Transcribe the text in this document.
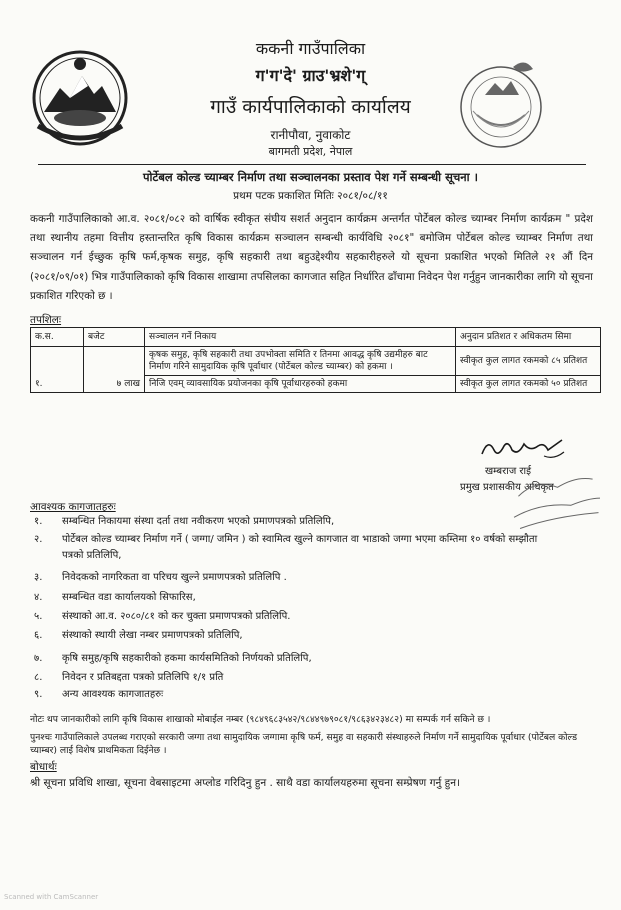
ककनी गाउँपालिका
ग'ग'दे' ग्राउ'भ्रशे'ग्
गाउँ कार्यपालिकाको कार्यालय
रानीपौवा, नुवाकोट
बागमती प्रदेश, नेपाल
पोर्टेबल कोल्ड च्याम्बर निर्माण तथा सञ्चालनका प्रस्ताव पेश गर्ने सम्बन्धी सूचना ।
प्रथम पटक प्रकाशित मितिः २०८१/०८/११
ककनी गाउँपालिकाको आ.व. २०८१/०८२ को वार्षिक स्वीकृत संघीय सशर्त अनुदान कार्यक्रम अन्तर्गत पोर्टेबल कोल्ड च्याम्बर निर्माण कार्यक्रम " प्रदेश तथा स्थानीय तहमा वित्तीय हस्तान्तरित कृषि विकास कार्यक्रम सञ्चालन सम्बन्धी कार्यविधि २०८१" बमोजिम पोर्टेबल कोल्ड च्याम्बर निर्माण तथा सञ्चालन गर्न ईच्छुक कृषि फर्म,कृषक समुह, कृषि सहकारी तथा बहुउद्देश्यीय सहकारीहरुले यो सूचना प्रकाशित भएको मितिले २१ औं दिन (२०८१/०९/०१) भित्र गाउँपालिकाको कृषि विकास शाखामा तपसिलका कागजात सहित निर्धारित ढाँचामा निवेदन पेश गर्नुहुन जानकारीका लागि यो सूचना प्रकाशित गरिएको छ ।
तपशिलः
क.स.	बजेट	सञ्चालन गर्ने निकाय	अनुदान प्रतिशत र अधिकतम सिमा
१.	७ लाख	कृषक समुह, कृषि सहकारी तथा उपभोक्ता समिति र तिनमा आवद्ध कृषि उद्यमीहरु बाट निर्माण गरिने सामुदायिक कृषि पूर्वाधार (पोर्टेबल कोल्ड च्याम्बर) को हकमा ।	स्वीकृत कुल लागत रकमको ८५ प्रतिशत
		निजि एवम् व्यावसायिक प्रयोजनका कृषि पूर्वाधारहरुको हकमा	स्वीकृत कुल लागत रकमको ५० प्रतिशत
खम्बराज राई
प्रमुख प्रशासकीय अधिकृत
आवश्यक कागजातहरुः
१. सम्बन्धित निकायमा संस्था दर्ता तथा नवीकरण भएको प्रमाणपत्रको प्रतिलिपि,
२. पोर्टेबल कोल्ड च्याम्बर निर्माण गर्ने ( जग्गा/ जमिन ) को स्वामित्व खुल्ने कागजात वा भाडाको जग्गा भएमा कम्तिमा १० वर्षको सम्झौता
पत्रको प्रतिलिपि,
३. निवेदकको नागरिकता वा परिचय खुल्ने प्रमाणपत्रको प्रतिलिपि .
४. सम्बन्धित वडा कार्यालयको सिफारिस,
५. संस्थाको आ.व. २०८०/८१ को कर चुक्ता प्रमाणपत्रको प्रतिलिपि.
६. संस्थाको स्थायी लेखा नम्बर प्रमाणपत्रको प्रतिलिपि,
७. कृषि समुह/कृषि सहकारीको हकमा कार्यसमितिको निर्णयको प्रतिलिपि,
८. निवेदन र प्रतिबद्दता पत्रको प्रतिलिपि १/१ प्रति
९. अन्य आवश्यक कागजातहरुः
नोटः थप जानकारीको लागि कृषि विकास शाखाको मोबाईल नम्बर (९८४९६८३५४२/९८४४९७९०८१/९८६३४२३४८२) मा सम्पर्क गर्न सकिने छ ।
पुनश्चः गाउँपालिकाले उपलब्ध गराएको सरकारी जग्गा तथा सामुदायिक जग्गामा कृषि फर्म, समुह वा सहकारी संस्थाहरुले निर्माण गर्ने सामुदायिक पूर्वाधार (पोर्टेबल कोल्ड च्याम्बर) लाई विशेष प्राथमिकता दिईनेछ ।
बोधार्थः
श्री सूचना प्रविधि शाखा, सूचना वेबसाइटमा अप्लोड गरिदिनु हुन . साथै वडा कार्यालयहरुमा सूचना सम्प्रेषण गर्नु हुन।
Scanned with CamScanner
